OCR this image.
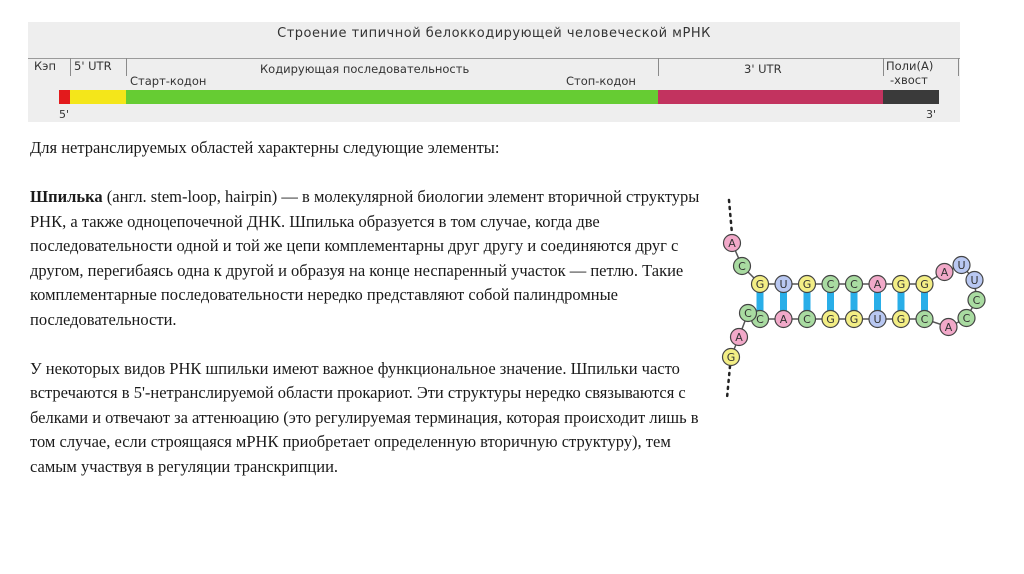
Строение типичной белоккодирующей человеческой мРНК
Кэп 5' UTR
Старт-кодон
Кодирующая последовательность
Стоп-кодон
3' UTR	Поли(А)
-хвост
5'	3'

Для нетранслируемых областей характерны следующие элементы:

Шпилька (англ. stem-loop, hairpin) — в молекулярной биологии элемент вторичной структуры РНК, а также одноцепочечной ДНК. Шпилька образуется в том случае, когда две последовательности одной и той же цепи комплементарны друг другу и соединяются друг с другом, перегибаясь одна к другой и образуя на конце неспаренный участок — петлю. Такие комплементарные последовательности нередко представляют собой палиндромные последовательности.

У некоторых видов РНК шпильки имеют важное функциональное значение. Шпильки часто встречаются в 5'-нетранслируемой области прокариот. Эти структуры нередко связываются с белками и отвечают за аттенюацию (это регулируемая терминация, которая происходит лишь в том случае, если строящаяся мРНК приобретает определенную вторичную структуру), тем самым участвуя в регуляции транскрипции.

A
C
G U G C C A G G
A
U
U
C
C
A
C A C G G U G C
C
A
G
